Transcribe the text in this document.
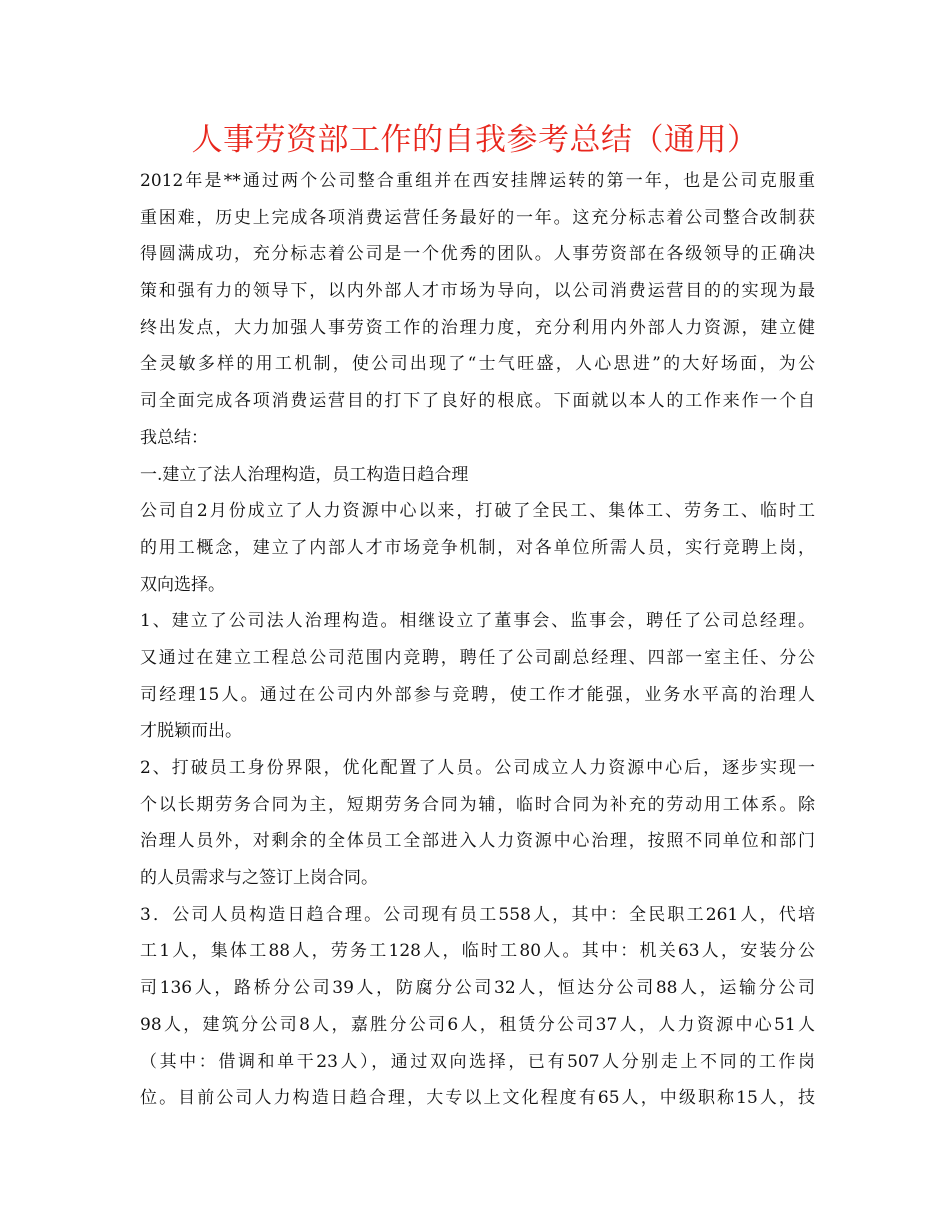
人事劳资部工作的自我参考总结（通用）
2012年是**通过两个公司整合重组并在西安挂牌运转的第一年，也是公司克服重
重困难，历史上完成各项消费运营任务最好的一年。这充分标志着公司整合改制获
得圆满成功，充分标志着公司是一个优秀的团队。人事劳资部在各级领导的正确决
策和强有力的领导下，以内外部人才市场为导向，以公司消费运营目的的实现为最
终出发点，大力加强人事劳资工作的治理力度，充分利用内外部人力资源，建立健
全灵敏多样的用工机制，使公司出现了“士气旺盛，人心思进”的大好场面，为公
司全面完成各项消费运营目的打下了良好的根底。下面就以本人的工作来作一个自
我总结：
一.建立了法人治理构造，员工构造日趋合理
公司自2月份成立了人力资源中心以来，打破了全民工、集体工、劳务工、临时工
的用工概念，建立了内部人才市场竞争机制，对各单位所需人员，实行竞聘上岗，
双向选择。
1、建立了公司法人治理构造。相继设立了董事会、监事会，聘任了公司总经理。
又通过在建立工程总公司范围内竞聘，聘任了公司副总经理、四部一室主任、分公
司经理15人。通过在公司内外部参与竞聘，使工作才能强，业务水平高的治理人
才脱颖而出。
2、打破员工身份界限，优化配置了人员。公司成立人力资源中心后，逐步实现一
个以长期劳务合同为主，短期劳务合同为辅，临时合同为补充的劳动用工体系。除
治理人员外，对剩余的全体员工全部进入人力资源中心治理，按照不同单位和部门
的人员需求与之签订上岗合同。
3．公司人员构造日趋合理。公司现有员工558人，其中：全民职工261人，代培
工1人，集体工88人，劳务工128人，临时工80人。其中：机关63人，安装分公
司136人，路桥分公司39人，防腐分公司32人，恒达分公司88人，运输分公司
98人，建筑分公司8人，嘉胜分公司6人，租赁分公司37人，人力资源中心51人
（其中：借调和单干23人），通过双向选择，已有507人分别走上不同的工作岗
位。目前公司人力构造日趋合理，大专以上文化程度有65人，中级职称15人，技
